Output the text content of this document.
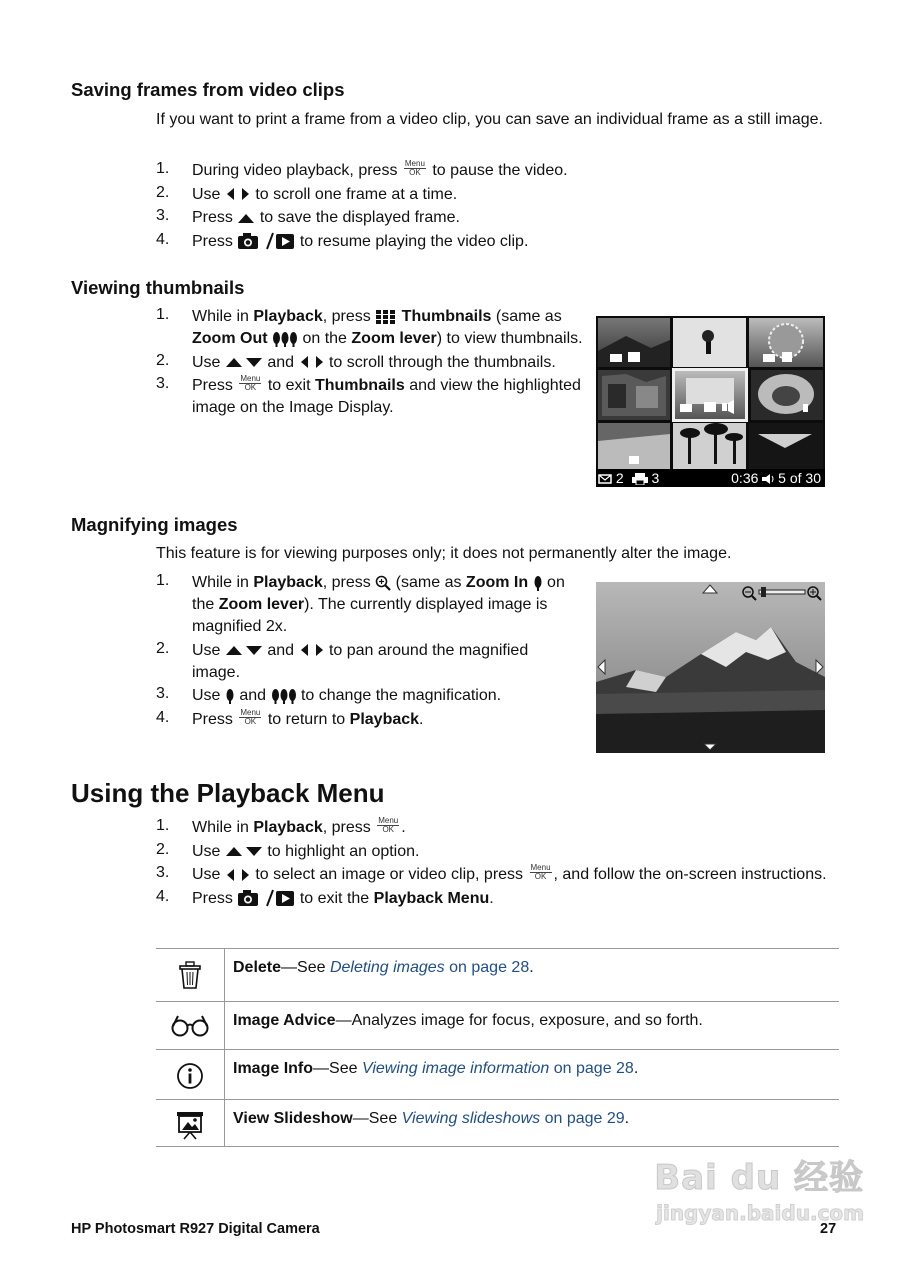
Saving frames from video clips

If you want to print a frame from a video clip, you can save an individual frame as a still image.

1. During video playback, press Menu
OK to pause the video.
2. Use to scroll one frame at a time.
3. Press to save the displayed frame.
4. Press	to resume playing the video clip.
Viewing thumbnails
1. While in Playback, press Thumbnails (same as Zoom Out on the Zoom lever) to view thumbnails.
2. Use	and to scroll through the thumbnails.
3. Press Menu
OK to exit Thumbnails and view the highlighted image on the Image Display.
2 3	0:36 5 of 30
Magnifying images

This feature is for viewing purposes only; it does not permanently alter the image.

1. While in Playback, press (same as Zoom In on the Zoom lever). The currently displayed image is magnified 2x.
2. Use	and to pan around the magnified image.
3. Use and to change the magnification.
4. Press Menu
OK to return to Playback.
Using the Playback Menu
1. While in Playback, press Menu
OK .
2. Use	to highlight an option.
3. Use to select an image or video clip, press Menu
OK , and follow the on-screen instructions.
4. Press	to exit the Playback Menu.
	Delete—See Deleting images on page 28.
	Image Advice—Analyzes image for focus, exposure, and so forth.
	Image Info—See Viewing image information on page 28.
	View Slideshow—See Viewing slideshows on page 29.
Bai du 经验
jingyan.baidu.com
HP Photosmart R927 Digital Camera	27
